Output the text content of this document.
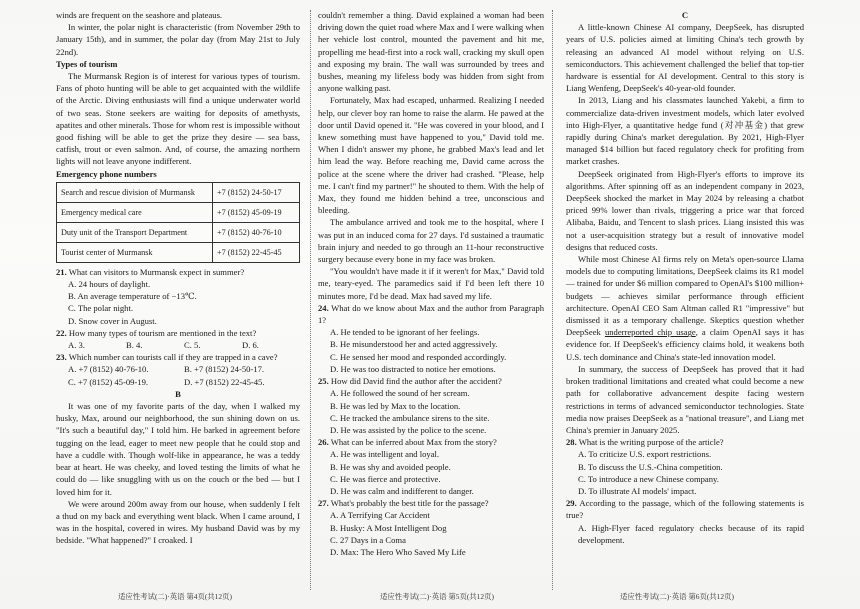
winds are frequent on the seashore and plateaus.

In winter, the polar night is characteristic (from November 29th to January 15th), and in summer, the polar day (from May 21st to July 22nd).

Types of tourism

The Murmansk Region is of interest for various types of tourism. Fans of photo hunting will be able to get acquainted with the wildlife of the Arctic. Diving enthusiasts will find a unique underwater world of two seas. Stone seekers are waiting for deposits of amethysts, apatites and other minerals. Those for whom rest is impossible without good fishing will be able to get the prize they desire — sea bass, catfish, trout or even salmon. And, of course, the amazing northern lights will not leave anyone indifferent.

Emergency phone numbers

Search and rescue division of Murmansk	+7 (8152) 24-50-17
Emergency medical care	+7 (8152) 45-09-19
Duty unit of the Transport Department	+7 (8152) 40-76-10
Tourist center of Murmansk	+7 (8152) 22-45-45

21. What can visitors to Murmansk expect in summer?

A. 24 hours of daylight.

B. An average temperature of −13℃.

C. The polar night.

D. Snow cover in August.

22. How many types of tourism are mentioned in the text?

A. 3.	B. 4.	C. 5.	D. 6.

23. Which number can tourists call if they are trapped in a cave?

A. +7 (8152) 40-76-10.	B. +7 (8152) 24-50-17.
C. +7 (8152) 45-09-19.	D. +7 (8152) 22-45-45.

B

It was one of my favorite parts of the day, when I walked my husky, Max, around our neighborhood, the sun shining down on us. "It's such a beautiful day," I told him. He barked in agreement before tugging on the lead, eager to meet new people that he could stop and have a cuddle with. Though wolf-like in appearance, he was a teddy bear at heart. He was cheeky, and loved testing the limits of what he could do — like snuggling with us on the couch or the bed — but I loved him for it.

We were around 200m away from our house, when suddenly I felt a thud on my back and everything went black. When I came around, I was in the hospital, covered in wires. My husband David was by my bedside. "What happened?" I croaked. I

couldn't remember a thing. David explained a woman had been driving down the quiet road where Max and I were walking when her vehicle lost control, mounted the pavement and hit me, propelling me head-first into a rock wall, cracking my skull open and exposing my brain. The wall was surrounded by trees and bushes, meaning my lifeless body was hidden from sight from anyone walking past.

Fortunately, Max had escaped, unharmed. Realizing I needed help, our clever boy ran home to raise the alarm. He pawed at the door until David opened it. "He was covered in your blood, and I knew something must have happened to you," David told me. When I didn't answer my phone, he grabbed Max's lead and let him lead the way. Before reaching me, David came across the police at the scene where the driver had crashed. "Please, help me. I can't find my partner!" he shouted to them. With the help of Max, they found me hidden behind a tree, unconscious and bleeding.

The ambulance arrived and took me to the hospital, where I was put in an induced coma for 27 days. I'd sustained a traumatic brain injury and needed to go through an 11-hour reconstructive surgery because every bone in my face was broken.

"You wouldn't have made it if it weren't for Max," David told me, teary-eyed. The paramedics said if I'd been left there 10 minutes more, I'd be dead. Max had saved my life.

24. What do we know about Max and the author from Paragraph 1?

A. He tended to be ignorant of her feelings.

B. He misunderstood her and acted aggressively.

C. He sensed her mood and responded accordingly.

D. He was too distracted to notice her emotions.

25. How did David find the author after the accident?

A. He followed the sound of her scream.

B. He was led by Max to the location.

C. He tracked the ambulance sirens to the site.

D. He was assisted by the police to the scene.

26. What can be inferred about Max from the story?

A. He was intelligent and loyal.

B. He was shy and avoided people.

C. He was fierce and protective.

D. He was calm and indifferent to danger.

27. What's probably the best title for the passage?

A. A Terrifying Car Accident

B. Husky: A Most Intelligent Dog

C. 27 Days in a Coma

D. Max: The Hero Who Saved My Life

C

A little-known Chinese AI company, DeepSeek, has disrupted years of U.S. policies aimed at limiting China's tech growth by releasing an advanced AI model without relying on U.S. semiconductors. This achievement challenged the belief that top-tier hardware is essential for AI development. Central to this story is Liang Wenfeng, DeepSeek's 40-year-old founder.

In 2013, Liang and his classmates launched Yakebi, a firm to commercialize data-driven investment models, which later evolved into High-Flyer, a quantitative hedge fund (对冲基金) that grew rapidly during China's market deregulation. By 2021, High-Flyer managed $14 billion but faced regulatory check for profiting from market crashes.

DeepSeek originated from High-Flyer's efforts to improve its algorithms. After spinning off as an independent company in 2023, DeepSeek shocked the market in May 2024 by releasing a chatbot priced 99% lower than rivals, triggering a price war that forced Alibaba, Baidu, and Tencent to slash prices. Liang insisted this was not a user-acquisition strategy but a result of innovative model designs that reduced costs.

While most Chinese AI firms rely on Meta's open-source Llama models due to computing limitations, DeepSeek claims its R1 model — trained for under $6 million compared to OpenAI's $100 million+ budgets — achieves similar performance through efficient architecture. OpenAI CEO Sam Altman called R1 "impressive" but dismissed it as a temporary challenge. Skeptics question whether DeepSeek underreported chip usage, a claim OpenAI says it has evidence for. If DeepSeek's efficiency claims hold, it weakens both U.S. tech dominance and China's state-led innovation model.

In summary, the success of DeepSeek has proved that it had broken traditional limitations and created what could become a new path for collaborative advancement despite facing western restrictions in terms of advanced semiconductor technologies. State media now praises DeepSeek as a "national treasure", and Liang met China's premier in January 2025.

28. What is the writing purpose of the article?

A. To criticize U.S. export restrictions.

B. To discuss the U.S.-China competition.

C. To introduce a new Chinese company.

D. To illustrate AI models' impact.

29. According to the passage, which of the following statements is true?

A. High-Flyer faced regulatory checks because of its rapid development.

适应性考试(二)·英语 第4页(共12页)	适应性考试(二)·英语 第5页(共12页)	适应性考试(二)·英语 第6页(共12页)
